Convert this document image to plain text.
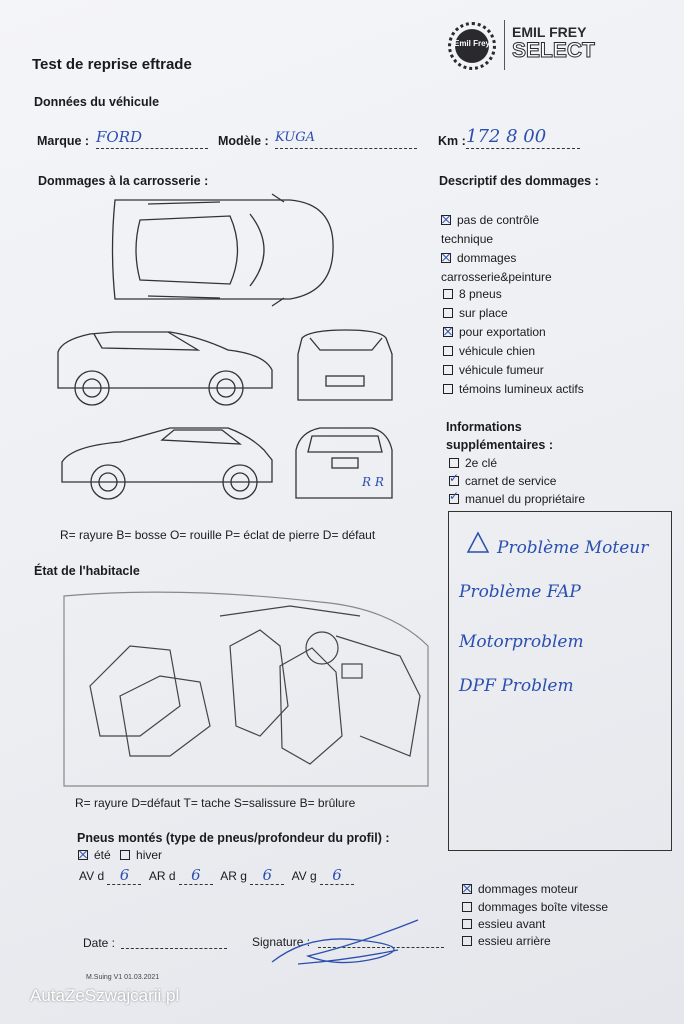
Test de reprise eftrade
Emil Frey
EMIL FREY
SELECT
Données du véhicule
Marque : FORD	Modèle : KUGA	Km : 172 8 00
Dommages à la carrosserie :
R R
R= rayure B= bosse O= rouille P= éclat de pierre D= défaut
Descriptif des dommages :
pas de contrôle
technique
dommages
carrosserie&peinture
8 pneus
sur place
pour exportation
véhicule chien
véhicule fumeur
témoins lumineux actifs
Informations
supplémentaires :
2e clé
✓carnet de service
✓manuel du propriétaire
Problème Moteur
Problème FAP
Motorproblem
DPF Problem
État de l'habitacle
R= rayure D=défaut T= tache S=salissure B= brûlure
Pneus montés (type de pneus/profondeur du profil) :
été hiver
AV d 6 AR d 6 AR g 6 AV g 6
dommages moteur
dommages boîte vitesse
essieu avant
essieu arrière
Date :	Signature :
M.Suing V1 01.03.2021
AutaZeSzwajcarii.pl
